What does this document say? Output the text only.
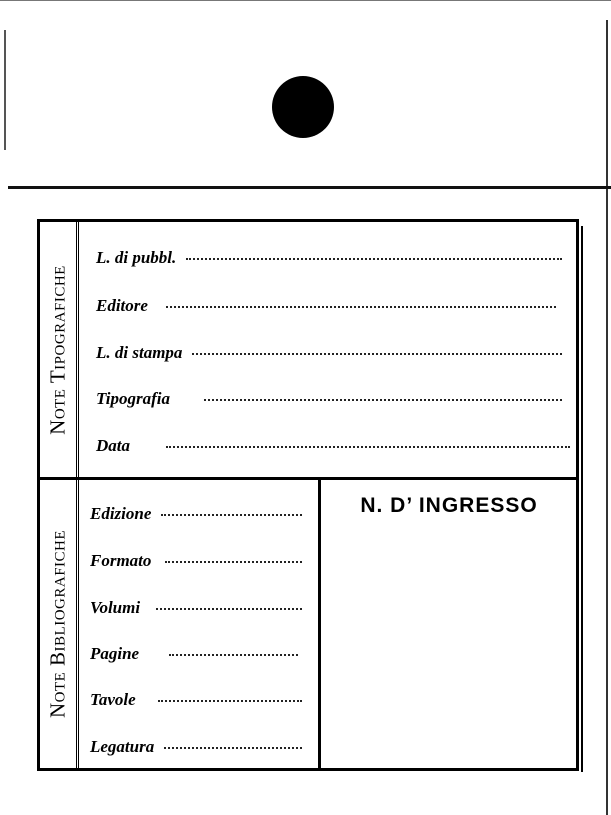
Note Tipografiche
L. di pubbl.
Editore
L. di stampa
Tipografia
Data
Note Bibliografiche
Edizione
Formato
Volumi
Pagine
Tavole
Legatura
N. D’ INGRESSO
